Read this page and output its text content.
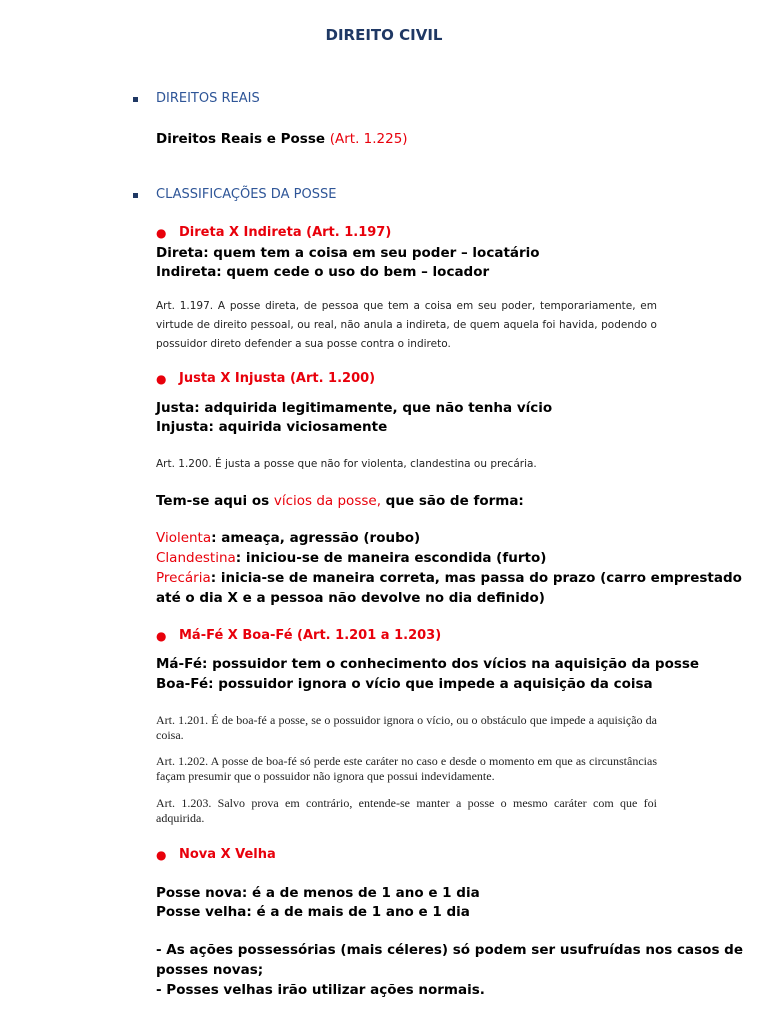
DIREITO CIVIL
DIREITOS REAIS
Direitos Reais e Posse (Art. 1.225)
CLASSIFICAÇÕES DA POSSE
● Direta X Indireta (Art. 1.197)
Direta: quem tem a coisa em seu poder – locatário
Indireta: quem cede o uso do bem – locador
Art. 1.197. A posse direta, de pessoa que tem a coisa em seu poder, temporariamente, em virtude de direito pessoal, ou real, não anula a indireta, de quem aquela foi havida, podendo o possuidor direto defender a sua posse contra o indireto.
● Justa X Injusta (Art. 1.200)
Justa: adquirida legitimamente, que não tenha vício
Injusta: aquirida viciosamente
Art. 1.200. É justa a posse que não for violenta, clandestina ou precária.
Tem-se aqui os vícios da posse, que são de forma:
Violenta: ameaça, agressão (roubo)
Clandestina: iniciou-se de maneira escondida (furto)
Precária: inicia-se de maneira correta, mas passa do prazo (carro emprestado
até o dia X e a pessoa não devolve no dia definido)
● Má-Fé X Boa-Fé (Art. 1.201 a 1.203)
Má-Fé: possuidor tem o conhecimento dos vícios na aquisição da posse
Boa-Fé: possuidor ignora o vício que impede a aquisição da coisa
Art. 1.201. É de boa-fé a posse, se o possuidor ignora o vício, ou o obstáculo que impede a aquisição da coisa.
Art. 1.202. A posse de boa-fé só perde este caráter no caso e desde o momento em que as circunstâncias façam presumir que o possuidor não ignora que possui indevidamente.
Art. 1.203. Salvo prova em contrário, entende-se manter a posse o mesmo caráter com que foi adquirida.
● Nova X Velha
Posse nova: é a de menos de 1 ano e 1 dia
Posse velha: é a de mais de 1 ano e 1 dia
- As ações possessórias (mais céleres) só podem ser usufruídas nos casos de
posses novas;
- Posses velhas irão utilizar ações normais.
